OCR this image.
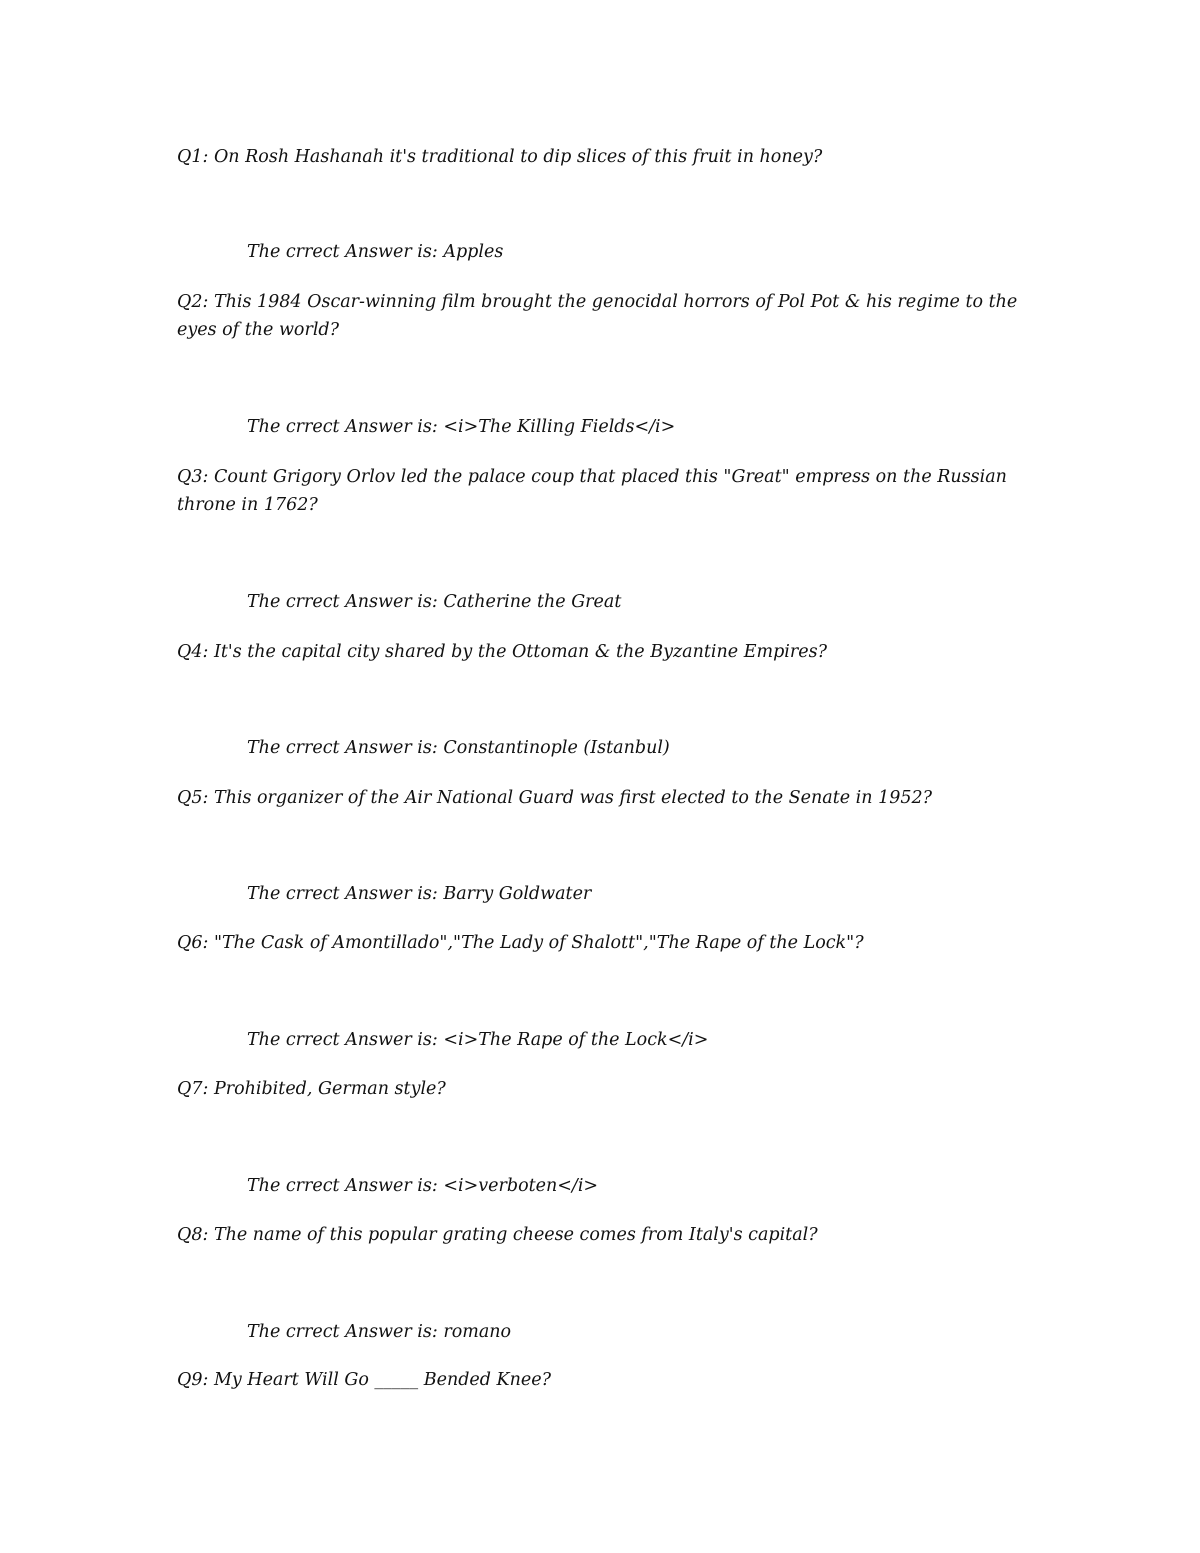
Q1: On Rosh Hashanah it's traditional to dip slices of this fruit in honey?
The crrect Answer is: Apples
Q2: This 1984 Oscar-winning film brought the genocidal horrors of Pol Pot & his regime to the eyes of the world?
The crrect Answer is: <i>The Killing Fields</i>
Q3: Count Grigory Orlov led the palace coup that placed this "Great" empress on the Russian throne in 1762?
The crrect Answer is: Catherine the Great
Q4: It's the capital city shared by the Ottoman & the Byzantine Empires?
The crrect Answer is: Constantinople (Istanbul)
Q5: This organizer of the Air National Guard was first elected to the Senate in 1952?
The crrect Answer is: Barry Goldwater
Q6: "The Cask of Amontillado","The Lady of Shalott","The Rape of the Lock"?
The crrect Answer is: <i>The Rape of the Lock</i>
Q7: Prohibited, German style?
The crrect Answer is: <i>verboten</i>
Q8: The name of this popular grating cheese comes from Italy's capital?
The crrect Answer is: romano
Q9: My Heart Will Go _____ Bended Knee?
